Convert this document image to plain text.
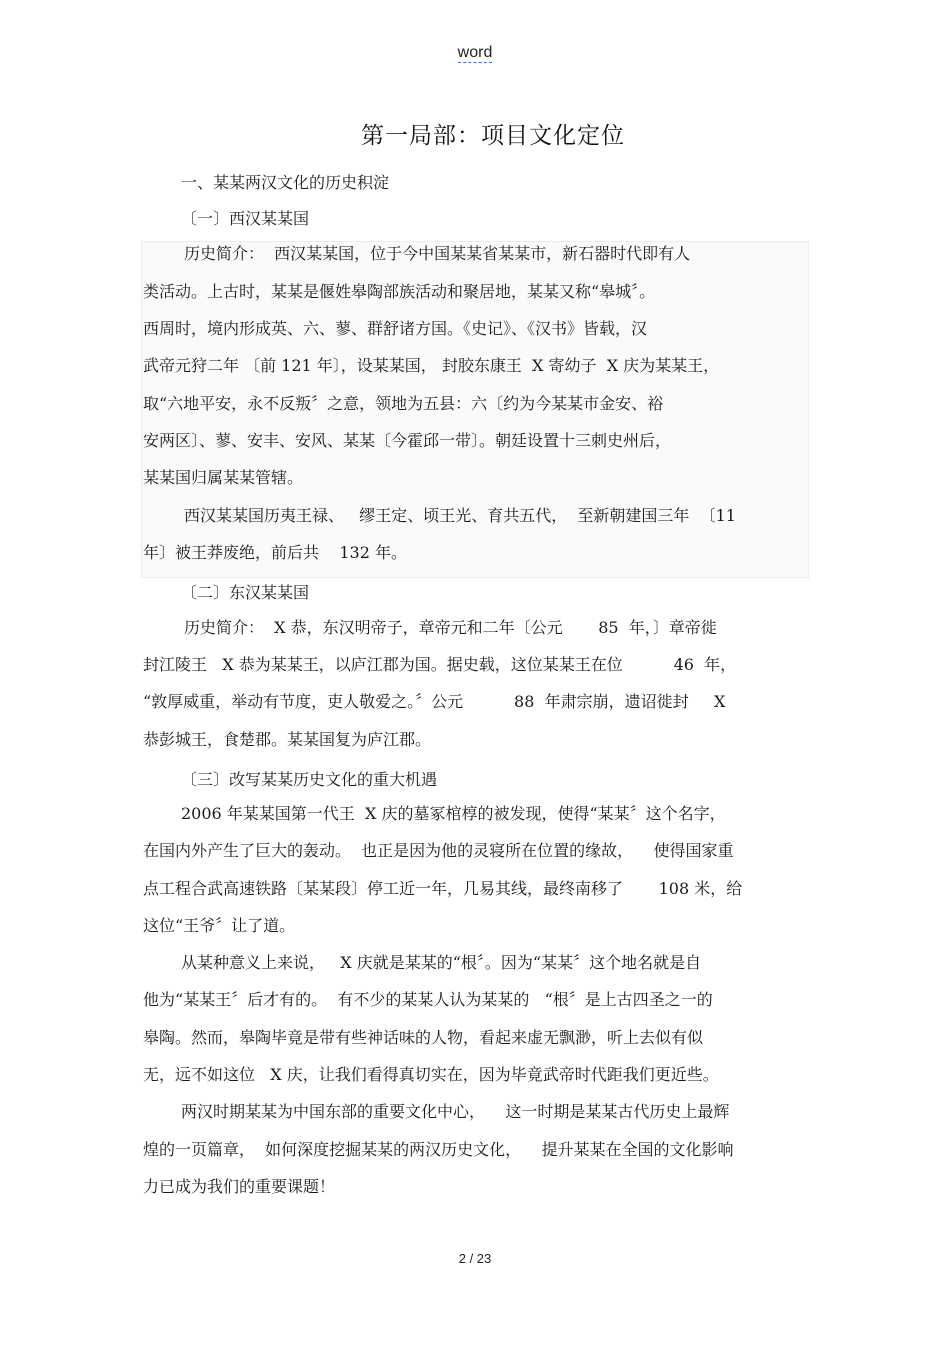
word
第一局部：项目文化定位
一、某某两汉文化的历史积淀
〔一〕西汉某某国
历史简介：  西汉某某国，位于今中国某某省某某市，新石器时代即有人
类活动。上古时，某某是偃姓皋陶部族活动和聚居地，某某又称“皋城〞。
西周时，境内形成英、六、蓼、群舒诸方国。《史记》、《汉书》皆载，汉
武帝元狩二年 〔前 121 年〕，设某某国， 封胶东康王  X 寄幼子  X 庆为某某王，
取“六地平安，永不反叛〞之意，领地为五县：六〔约为今某某市金安、裕
安两区〕、蓼、安丰、安风、某某〔今霍邱一带〕。朝廷设置十三刺史州后，
某某国归属某某管辖。
西汉某某国历夷王禄、   缪王定、顷王光、育共五代，  至新朝建国三年  〔11
年〕被王莽废绝，前后共    132 年。
〔二〕东汉某某国
历史简介：  X 恭，东汉明帝子，章帝元和二年〔公元       85  年，〕章帝徙
封江陵王   X 恭为某某王，以庐江郡为国。据史载，这位某某王在位          46  年，
“敦厚威重，举动有节度，吏人敬爱之。〞公元          88  年肃宗崩，遗诏徙封     X
恭彭城王，食楚郡。某某国复为庐江郡。
〔三〕改写某某历史文化的重大机遇
2006 年某某国第一代王  X 庆的墓冢棺椁的被发现，使得“某某〞这个名字，
在国内外产生了巨大的轰动。  也正是因为他的灵寝所在位置的缘故，    使得国家重
点工程合武高速铁路〔某某段〕停工近一年，几易其线，最终南移了       108 米，给
这位“王爷〞让了道。
从某种意义上来说，   X 庆就是某某的“根〞。因为“某某〞这个地名就是自
他为“某某王〞后才有的。  有不少的某某人认为某某的   “根〞是上古四圣之一的
皋陶。然而，皋陶毕竟是带有些神话味的人物，看起来虚无飘渺，听上去似有似
无，远不如这位   X 庆，让我们看得真切实在，因为毕竟武帝时代距我们更近些。
两汉时期某某为中国东部的重要文化中心，    这一时期是某某古代历史上最辉
煌的一页篇章，  如何深度挖掘某某的两汉历史文化，    提升某某在全国的文化影响
力已成为我们的重要课题！
2 / 23
